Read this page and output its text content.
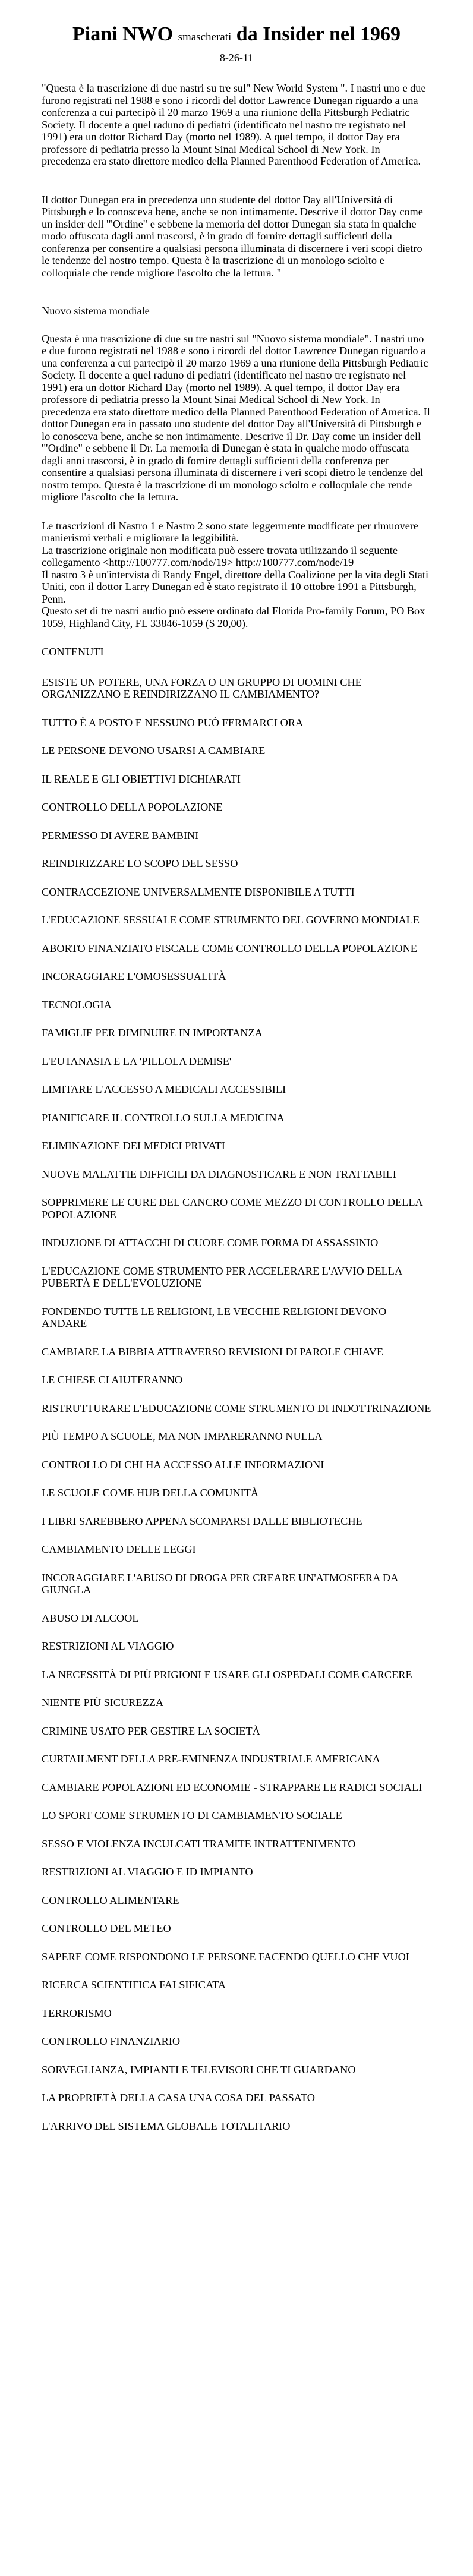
Piani NWO smascherati da Insider nel 1969
8-26-11

"Questa è la trascrizione di due nastri su tre sul" New World System ". I nastri uno e due furono registrati nel 1988 e sono i ricordi del dottor Lawrence Dunegan riguardo a una conferenza a cui partecipò il 20 marzo 1969 a una riunione della Pittsburgh Pediatric Society. Il docente a quel raduno di pediatri (identificato nel nastro tre registrato nel 1991) era un dottor Richard Day (morto nel 1989). A quel tempo, il dottor Day era professore di pediatria presso la Mount Sinai Medical School di New York. In precedenza era stato direttore medico della Planned Parenthood Federation of America.

Il dottor Dunegan era in precedenza uno studente del dottor Day all'Università di Pittsburgh e lo conosceva bene, anche se non intimamente. Descrive il dottor Day come un insider dell '"Ordine" e sebbene la memoria del dottor Dunegan sia stata in qualche modo offuscata dagli anni trascorsi, è in grado di fornire dettagli sufficienti della conferenza per consentire a qualsiasi persona illuminata di discernere i veri scopi dietro le tendenze del nostro tempo. Questa è la trascrizione di un monologo sciolto e colloquiale che rende migliore l'ascolto che la lettura. "

Nuovo sistema mondiale

Questa è una trascrizione di due su tre nastri sul "Nuovo sistema mondiale". I nastri uno e due furono registrati nel 1988 e sono i ricordi del dottor Lawrence Dunegan riguardo a una conferenza a cui partecipò il 20 marzo 1969 a una riunione della Pittsburgh Pediatric Society. Il docente a quel raduno di pediatri (identificato nel nastro tre registrato nel 1991) era un dottor Richard Day (morto nel 1989). A quel tempo, il dottor Day era professore di pediatria presso la Mount Sinai Medical School di New York. In precedenza era stato direttore medico della Planned Parenthood Federation of America. Il dottor Dunegan era in passato uno studente del dottor Day all'Università di Pittsburgh e lo conosceva bene, anche se non intimamente. Descrive il Dr. Day come un insider dell '"Ordine" e sebbene il Dr. La memoria di Dunegan è stata in qualche modo offuscata dagli anni trascorsi, è in grado di fornire dettagli sufficienti della conferenza per consentire a qualsiasi persona illuminata di discernere i veri scopi dietro le tendenze del nostro tempo. Questa è la trascrizione di un monologo sciolto e colloquiale che rende migliore l'ascolto che la lettura.

Le trascrizioni di Nastro 1 e Nastro 2 sono state leggermente modificate per rimuovere manierismi verbali e migliorare la leggibilità.
La trascrizione originale non modificata può essere trovata utilizzando il seguente collegamento <http://100777.com/node/19> http://100777.com/node/19
Il nastro 3 è un'intervista di Randy Engel, direttore della Coalizione per la vita degli Stati Uniti, con il dottor Larry Dunegan ed è stato registrato il 10 ottobre 1991 a Pittsburgh, Penn.
Questo set di tre nastri audio può essere ordinato dal Florida Pro-family Forum, PO Box 1059, Highland City, FL 33846-1059 ($ 20,00).

CONTENUTI

ESISTE UN POTERE, UNA FORZA O UN GRUPPO DI UOMINI CHE ORGANIZZANO E REINDIRIZZANO IL CAMBIAMENTO?

TUTTO È A POSTO E NESSUNO PUÒ FERMARCI ORA

LE PERSONE DEVONO USARSI A CAMBIARE

IL REALE E GLI OBIETTIVI DICHIARATI

CONTROLLO DELLA POPOLAZIONE

PERMESSO DI AVERE BAMBINI

REINDIRIZZARE LO SCOPO DEL SESSO

CONTRACCEZIONE UNIVERSALMENTE DISPONIBILE A TUTTI

L'EDUCAZIONE SESSUALE COME STRUMENTO DEL GOVERNO MONDIALE

ABORTO FINANZIATO FISCALE COME CONTROLLO DELLA POPOLAZIONE

INCORAGGIARE L'OMOSESSUALITÀ

TECNOLOGIA

FAMIGLIE PER DIMINUIRE IN IMPORTANZA

L'EUTANASIA E LA 'PILLOLA DEMISE'

LIMITARE L'ACCESSO A MEDICALI ACCESSIBILI

PIANIFICARE IL CONTROLLO SULLA MEDICINA

ELIMINAZIONE DEI MEDICI PRIVATI

NUOVE MALATTIE DIFFICILI DA DIAGNOSTICARE E NON TRATTABILI

SOPPRIMERE LE CURE DEL CANCRO COME MEZZO DI CONTROLLO DELLA POPOLAZIONE

INDUZIONE DI ATTACCHI DI CUORE COME FORMA DI ASSASSINIO

L'EDUCAZIONE COME STRUMENTO PER ACCELERARE L'AVVIO DELLA PUBERTÀ E DELL'EVOLUZIONE

FONDENDO TUTTE LE RELIGIONI, LE VECCHIE RELIGIONI DEVONO ANDARE

CAMBIARE LA BIBBIA ATTRAVERSO REVISIONI DI PAROLE CHIAVE

LE CHIESE CI AIUTERANNO

RISTRUTTURARE L'EDUCAZIONE COME STRUMENTO DI INDOTTRINAZIONE

PIÙ TEMPO A SCUOLE, MA NON IMPARERANNO NULLA

CONTROLLO DI CHI HA ACCESSO ALLE INFORMAZIONI

LE SCUOLE COME HUB DELLA COMUNITÀ

I LIBRI SAREBBERO APPENA SCOMPARSI DALLE BIBLIOTECHE

CAMBIAMENTO DELLE LEGGI

INCORAGGIARE L'ABUSO DI DROGA PER CREARE UN'ATMOSFERA DA GIUNGLA

ABUSO DI ALCOOL

RESTRIZIONI AL VIAGGIO

LA NECESSITÀ DI PIÙ PRIGIONI E USARE GLI OSPEDALI COME CARCERE

NIENTE PIÙ SICUREZZA

CRIMINE USATO PER GESTIRE LA SOCIETÀ

CURTAILMENT DELLA PRE-EMINENZA INDUSTRIALE AMERICANA

CAMBIARE POPOLAZIONI ED ECONOMIE - STRAPPARE LE RADICI SOCIALI

LO SPORT COME STRUMENTO DI CAMBIAMENTO SOCIALE

SESSO E VIOLENZA INCULCATI TRAMITE INTRATTENIMENTO

RESTRIZIONI AL VIAGGIO E ID IMPIANTO

CONTROLLO ALIMENTARE

CONTROLLO DEL METEO

SAPERE COME RISPONDONO LE PERSONE FACENDO QUELLO CHE VUOI

RICERCA SCIENTIFICA FALSIFICATA

TERRORISMO

CONTROLLO FINANZIARIO

SORVEGLIANZA, IMPIANTI E TELEVISORI CHE TI GUARDANO

LA PROPRIETÀ DELLA CASA UNA COSA DEL PASSATO

L'ARRIVO DEL SISTEMA GLOBALE TOTALITARIO
